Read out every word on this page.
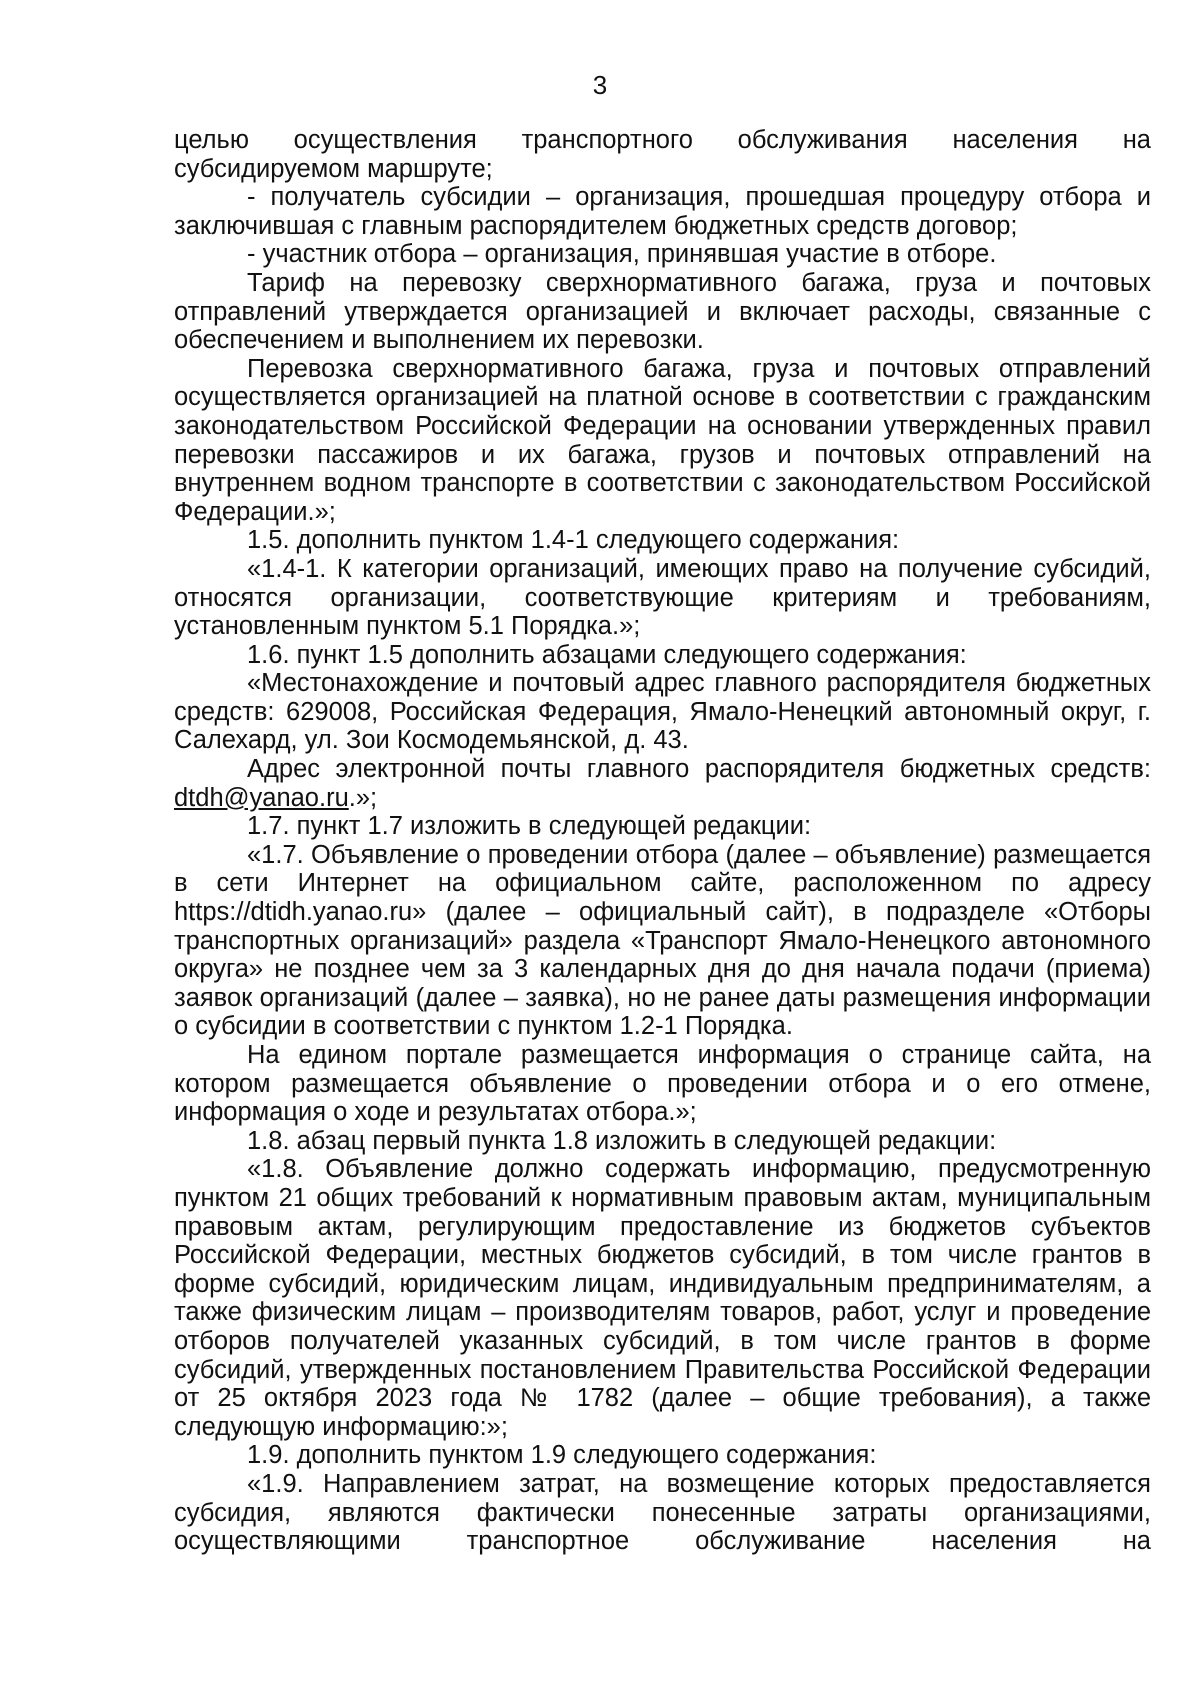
3

целью осуществления транспортного обслуживания населения на субсидируемом маршруте;

- получатель субсидии – организация, прошедшая процедуру отбора и заключившая с главным распорядителем бюджетных средств договор;

- участник отбора – организация, принявшая участие в отборе.

Тариф на перевозку сверхнормативного багажа, груза и почтовых отправлений утверждается организацией и включает расходы, связанные с обеспечением и выполнением их перевозки.

Перевозка сверхнормативного багажа, груза и почтовых отправлений осуществляется организацией на платной основе в соответствии с гражданским законодательством Российской Федерации на основании утвержденных правил перевозки пассажиров и их багажа, грузов и почтовых отправлений на внутреннем водном транспорте в соответствии с законодательством Российской Федерации.»;

1.5. дополнить пунктом 1.4-1 следующего содержания:

«1.4-1. К категории организаций, имеющих право на получение субсидий, относятся организации, соответствующие критериям и требованиям, установленным пунктом 5.1 Порядка.»;

1.6. пункт 1.5 дополнить абзацами следующего содержания:

«Местонахождение и почтовый адрес главного распорядителя бюджетных средств: 629008, Российская Федерация, Ямало-Ненецкий автономный округ, г. Салехард, ул. Зои Космодемьянской, д. 43.

Адрес электронной почты главного распорядителя бюджетных средств: dtdh@yanao.ru.»;

1.7. пункт 1.7 изложить в следующей редакции:

«1.7. Объявление о проведении отбора (далее – объявление) размещается в сети Интернет на официальном сайте, расположенном по адресу https://dtidh.yanao.ru» (далее – официальный сайт), в подразделе «Отборы транспортных организаций» раздела «Транспорт Ямало-Ненецкого автономного округа» не позднее чем за 3 календарных дня до дня начала подачи (приема) заявок организаций (далее – заявка), но не ранее даты размещения информации о субсидии в соответствии с пунктом 1.2-1 Порядка.

На едином портале размещается информация о странице сайта, на котором размещается объявление о проведении отбора и о его отмене, информация о ходе и результатах отбора.»;

1.8. абзац первый пункта 1.8 изложить в следующей редакции:

«1.8. Объявление должно содержать информацию, предусмотренную пунктом 21 общих требований к нормативным правовым актам, муниципальным правовым актам, регулирующим предоставление из бюджетов субъектов Российской Федерации, местных бюджетов субсидий, в том числе грантов в форме субсидий, юридическим лицам, индивидуальным предпринимателям, а также физическим лицам – производителям товаров, работ, услуг и проведение отборов получателей указанных субсидий, в том числе грантов в форме субсидий, утвержденных постановлением Правительства Российской Федерации от 25 октября 2023 года № 1782 (далее – общие требования), а также следующую информацию:»;

1.9. дополнить пунктом 1.9 следующего содержания:

«1.9. Направлением затрат, на возмещение которых предоставляется субсидия, являются фактически понесенные затраты организациями, осуществляющими транспортное обслуживание населения на
